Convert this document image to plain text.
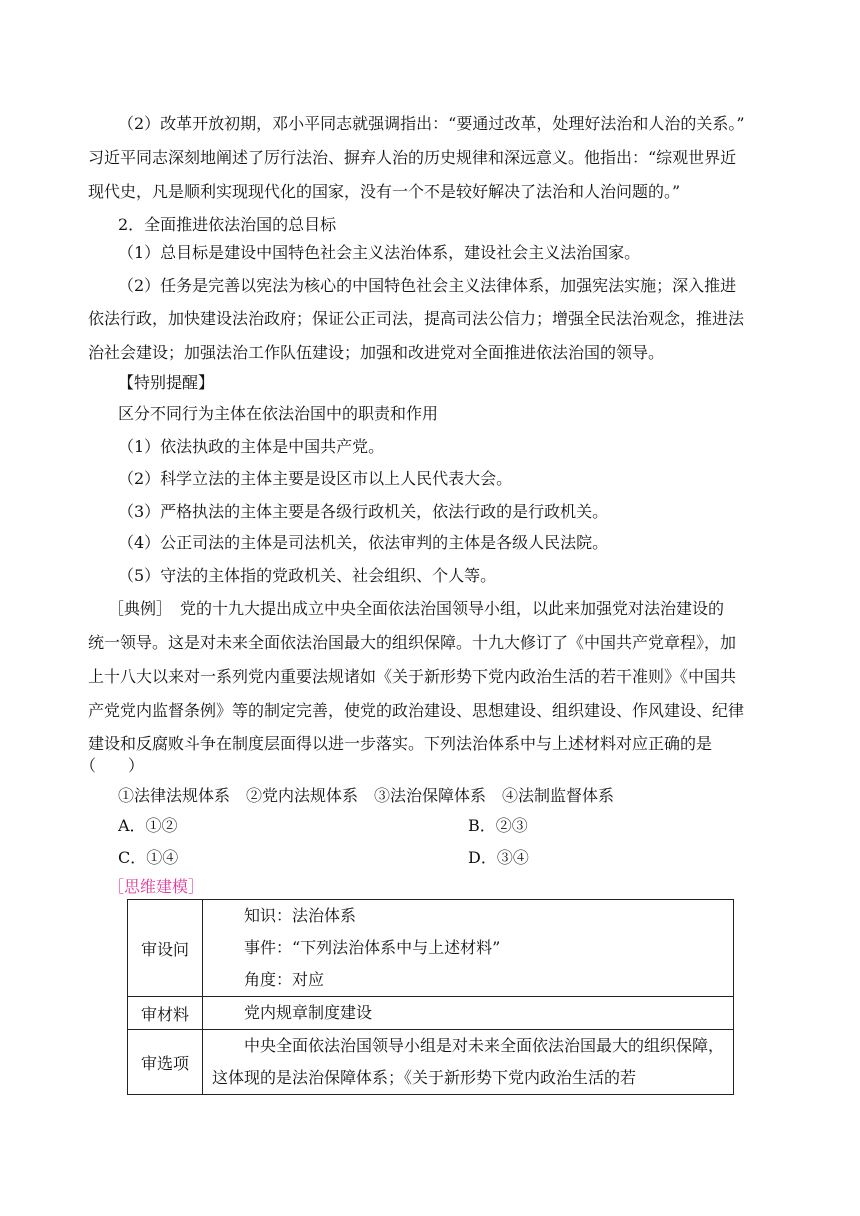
（2）改革开放初期，邓小平同志就强调指出：“要通过改革，处理好法治和人治的关系。”
习近平同志深刻地阐述了厉行法治、摒弃人治的历史规律和深远意义。他指出：“综观世界近
现代史，凡是顺利实现现代化的国家，没有一个不是较好解决了法治和人治问题的。”
2．全面推进依法治国的总目标
（1）总目标是建设中国特色社会主义法治体系，建设社会主义法治国家。
（2）任务是完善以宪法为核心的中国特色社会主义法律体系，加强宪法实施；深入推进
依法行政，加快建设法治政府；保证公正司法，提高司法公信力；增强全民法治观念，推进法
治社会建设；加强法治工作队伍建设；加强和改进党对全面推进依法治国的领导。
【特别提醒】
区分不同行为主体在依法治国中的职责和作用
（1）依法执政的主体是中国共产党。
（2）科学立法的主体主要是设区市以上人民代表大会。
（3）严格执法的主体主要是各级行政机关，依法行政的是行政机关。
（4）公正司法的主体是司法机关，依法审判的主体是各级人民法院。
（5）守法的主体指的党政机关、社会组织、个人等。
［典例］　党的十九大提出成立中央全面依法治国领导小组，以此来加强党对法治建设的
统一领导。这是对未来全面依法治国最大的组织保障。十九大修订了《中国共产党章程》，加
上十八大以来对一系列党内重要法规诸如《关于新形势下党内政治生活的若干准则》《中国共
产党党内监督条例》等的制定完善，使党的政治建设、思想建设、组织建设、作风建设、纪律
建设和反腐败斗争在制度层面得以进一步落实。下列法治体系中与上述材料对应正确的是
（　　）
①法律法规体系　②党内法规体系　③法治保障体系　④法制监督体系
A．①②	B．②③
C．①④	D．③④
［思维建模］
审设问	知识：法治体系
事件：“下列法治体系中与上述材料”
角度：对应

审材料	党内规章制度建设

审选项	中央全面依法治国领导小组是对未来全面依法治国最大的组织保障，这体现的是法治保障体系；《关于新形势下党内政治生活的若
